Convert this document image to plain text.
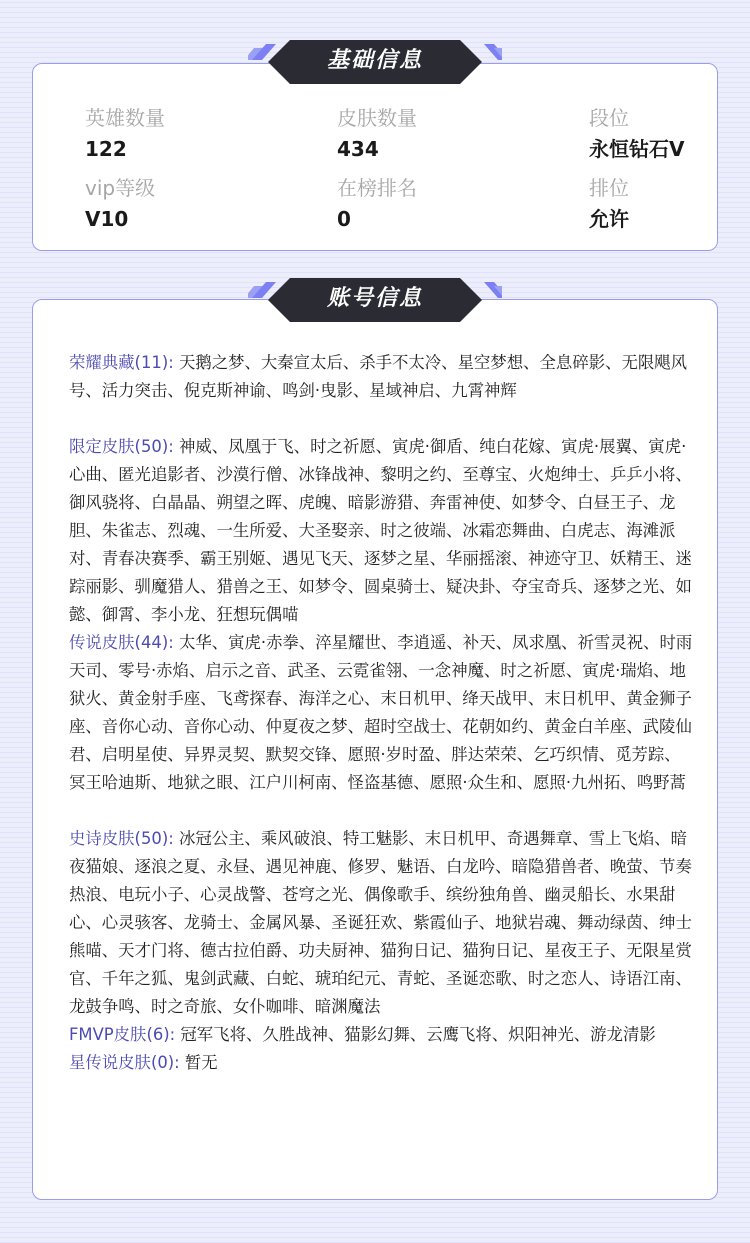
英雄数量
122
皮肤数量
434
段位
永恒钻石V
vip等级
V10
在榜排名
0
排位
允许
基础信息
荣耀典藏(11): 天鹅之梦、大秦宣太后、杀手不太冷、星空梦想、全息碎影、无限飓风号、活力突击、倪克斯神谕、鸣剑·曳影、星域神启、九霄神辉
限定皮肤(50): 神威、凤凰于飞、时之祈愿、寅虎·御盾、纯白花嫁、寅虎·展翼、寅虎·心曲、匿光追影者、沙漠行僧、冰锋战神、黎明之约、至尊宝、火炮绅士、乒乒小将、御风骁将、白晶晶、朔望之晖、虎魄、暗影游猎、奔雷神使、如梦令、白昼王子、龙胆、朱雀志、烈魂、一生所爱、大圣娶亲、时之彼端、冰霜恋舞曲、白虎志、海滩派对、青春决赛季、霸王别姬、遇见飞天、逐梦之星、华丽摇滚、神迹守卫、妖精王、迷踪丽影、驯魔猎人、猎兽之王、如梦令、圆桌骑士、疑决卦、夺宝奇兵、逐梦之光、如懿、御霄、李小龙、狂想玩偶喵
传说皮肤(44): 太华、寅虎·赤拳、淬星耀世、李逍遥、补天、凤求凰、祈雪灵祝、时雨天司、零号·赤焰、启示之音、武圣、云霓雀翎、一念神魔、时之祈愿、寅虎·瑞焰、地狱火、黄金射手座、飞鸢探春、海洋之心、末日机甲、绛天战甲、末日机甲、黄金狮子座、音你心动、音你心动、仲夏夜之梦、超时空战士、花朝如约、黄金白羊座、武陵仙君、启明星使、异界灵契、默契交锋、愿照·岁时盈、胖达荣荣、乞巧织情、觅芳踪、冥王哈迪斯、地狱之眼、江户川柯南、怪盗基德、愿照·众生和、愿照·九州拓、鸣野蒿
史诗皮肤(50): 冰冠公主、乘风破浪、特工魅影、末日机甲、奇遇舞章、雪上飞焰、暗夜猫娘、逐浪之夏、永昼、遇见神鹿、修罗、魅语、白龙吟、暗隐猎兽者、晚萤、节奏热浪、电玩小子、心灵战警、苍穹之光、偶像歌手、缤纷独角兽、幽灵船长、水果甜心、心灵骇客、龙骑士、金属风暴、圣诞狂欢、紫霞仙子、地狱岩魂、舞动绿茵、绅士熊喵、天才门将、德古拉伯爵、功夫厨神、猫狗日记、猫狗日记、星夜王子、无限星赏官、千年之狐、鬼剑武藏、白蛇、琥珀纪元、青蛇、圣诞恋歌、时之恋人、诗语江南、龙鼓争鸣、时之奇旅、女仆咖啡、暗渊魔法
FMVP皮肤(6): 冠军飞将、久胜战神、猫影幻舞、云鹰飞将、炽阳神光、游龙清影
星传说皮肤(0): 暂无
账号信息
